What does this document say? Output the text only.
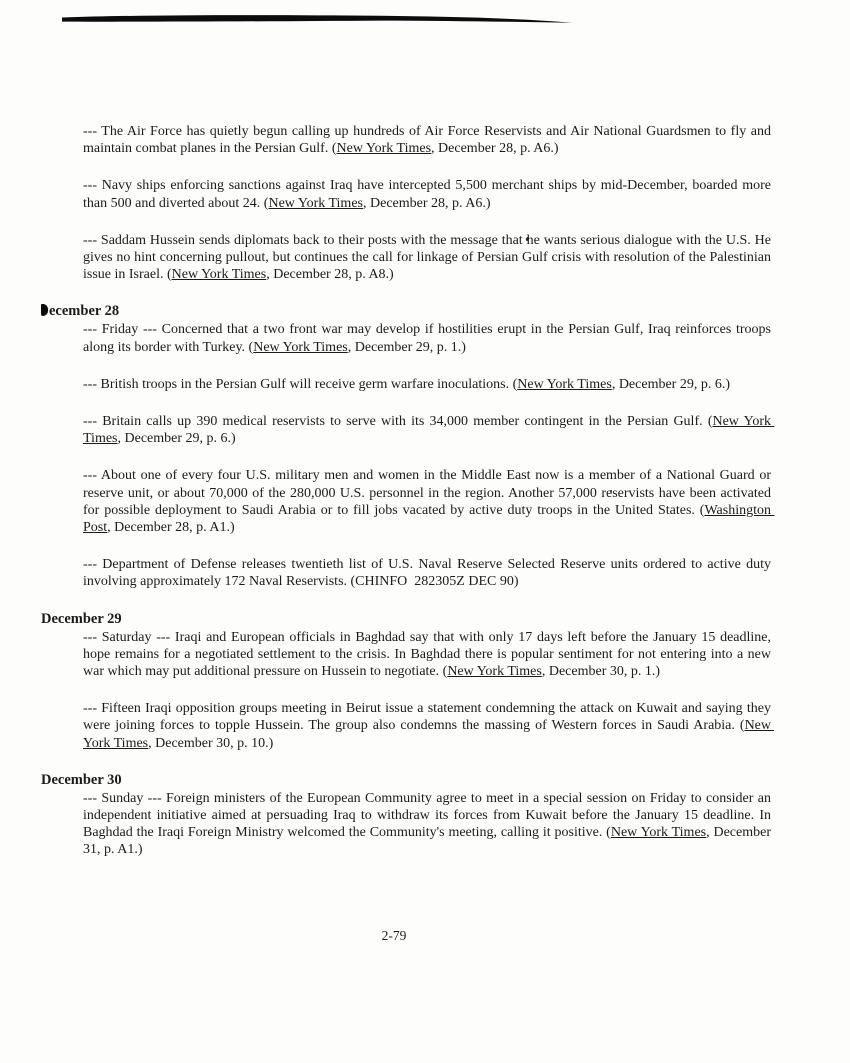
--- The Air Force has quietly begun calling up hundreds of Air Force Reservists and Air National Guardsmen to fly and maintain combat planes in the Persian Gulf. (New York Times, December 28, p. A6.)

--- Navy ships enforcing sanctions against Iraq have intercepted 5,500 merchant ships by mid-December, boarded more than 500 and diverted about 24. (New York Times, December 28, p. A6.)

--- Saddam Hussein sends diplomats back to their posts with the message that he wants serious dialogue with the U.S. He gives no hint concerning pullout, but continues the call for linkage of Persian Gulf crisis with resolution of the Palestinian issue in Israel. (New York Times, December 28, p. A8.)

ecember 28

--- Friday --- Concerned that a two front war may develop if hostilities erupt in the Persian Gulf, Iraq reinforces troops along its border with Turkey. (New York Times, December 29, p. 1.)

--- British troops in the Persian Gulf will receive germ warfare inoculations. (New York Times, December 29, p. 6.)

--- Britain calls up 390 medical reservists to serve with its 34,000 member contingent in the Persian Gulf. (New York Times, December 29, p. 6.)

--- About one of every four U.S. military men and women in the Middle East now is a member of a National Guard or reserve unit, or about 70,000 of the 280,000 U.S. personnel in the region. Another 57,000 reservists have been activated for possible deployment to Saudi Arabia or to fill jobs vacated by active duty troops in the United States. (Washington Post, December 28, p. A1.)

--- Department of Defense releases twentieth list of U.S. Naval Reserve Selected Reserve units ordered to active duty involving approximately 172 Naval Reservists. (CHINFO  282305Z DEC 90)

December 29

--- Saturday --- Iraqi and European officials in Baghdad say that with only 17 days left before the January 15 deadline, hope remains for a negotiated settlement to the crisis. In Baghdad there is popular sentiment for not entering into a new war which may put additional pressure on Hussein to negotiate. (New York Times, December 30, p. 1.)

--- Fifteen Iraqi opposition groups meeting in Beirut issue a statement condemning the attack on Kuwait and saying they were joining forces to topple Hussein. The group also condemns the massing of Western forces in Saudi Arabia. (New York Times, December 30, p. 10.)

December 30

--- Sunday --- Foreign ministers of the European Community agree to meet in a special session on Friday to consider an independent initiative aimed at persuading Iraq to withdraw its forces from Kuwait before the January 15 deadline. In Baghdad the Iraqi Foreign Ministry welcomed the Community's meeting, calling it positive. (New York Times, December 31, p. A1.)

2-79
